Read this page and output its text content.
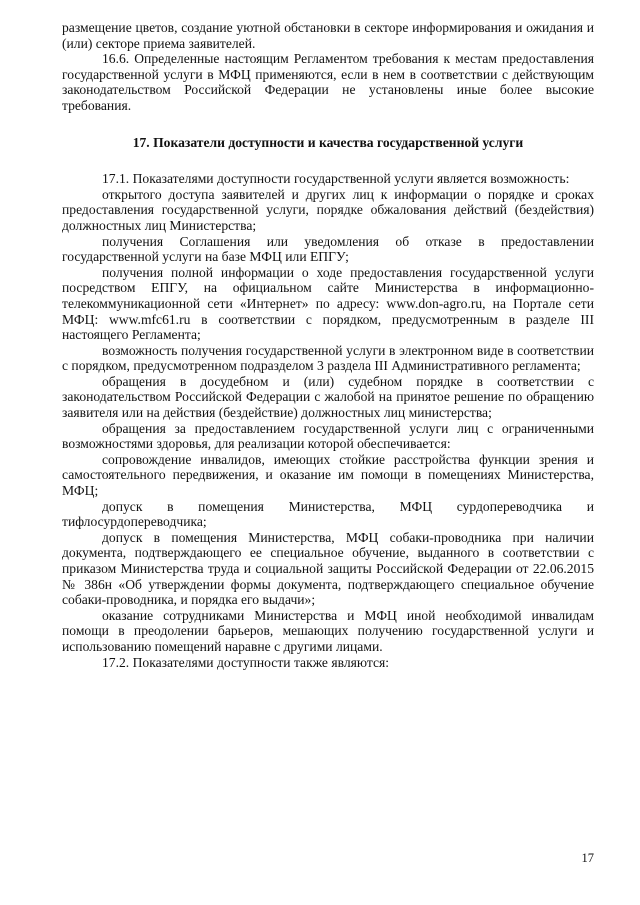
размещение цветов, создание уютной обстановки в секторе информирования и ожидания и (или) секторе приема заявителей.

16.6. Определенные настоящим Регламентом требования к местам предоставления государственной услуги в МФЦ применяются, если в нем в соответствии с действующим законодательством Российской Федерации не установлены иные более высокие требования.

17. Показатели доступности и качества государственной услуги

17.1. Показателями доступности государственной услуги является возможность:

открытого доступа заявителей и других лиц к информации о порядке и сроках предоставления государственной услуги, порядке обжалования действий (бездействия) должностных лиц Министерства;

получения Соглашения или уведомления об отказе в предоставлении государственной услуги на базе МФЦ или ЕПГУ;

получения полной информации о ходе предоставления государственной услуги посредством ЕПГУ, на официальном сайте Министерства в информационно-телекоммуникационной сети «Интернет» по адресу: www.don-agro.ru, на Портале сети МФЦ: www.mfc61.ru в соответствии с порядком, предусмотренным в разделе III настоящего Регламента;

возможность получения государственной услуги в электронном виде в соответствии с порядком, предусмотренном подразделом 3 раздела III Административного регламента;

обращения в досудебном и (или) судебном порядке в соответствии с законодательством Российской Федерации с жалобой на принятое решение по обращению заявителя или на действия (бездействие) должностных лиц министерства;

обращения за предоставлением государственной услуги лиц с ограниченными возможностями здоровья, для реализации которой обеспечивается:

сопровождение инвалидов, имеющих стойкие расстройства функции зрения и самостоятельного передвижения, и оказание им помощи в помещениях Министерства, МФЦ;

допуск в помещения Министерства, МФЦ сурдопереводчика и тифлосурдопереводчика;

допуск в помещения Министерства, МФЦ собаки-проводника при наличии документа, подтверждающего ее специальное обучение, выданного в соответствии с приказом Министерства труда и социальной защиты Российской Федерации от 22.06.2015 № 386н «Об утверждении формы документа, подтверждающего специальное обучение собаки-проводника, и порядка его выдачи»;

оказание сотрудниками Министерства и МФЦ иной необходимой инвалидам помощи в преодолении барьеров, мешающих получению государственной услуги и использованию помещений наравне с другими лицами.

17.2. Показателями доступности также являются:

17
